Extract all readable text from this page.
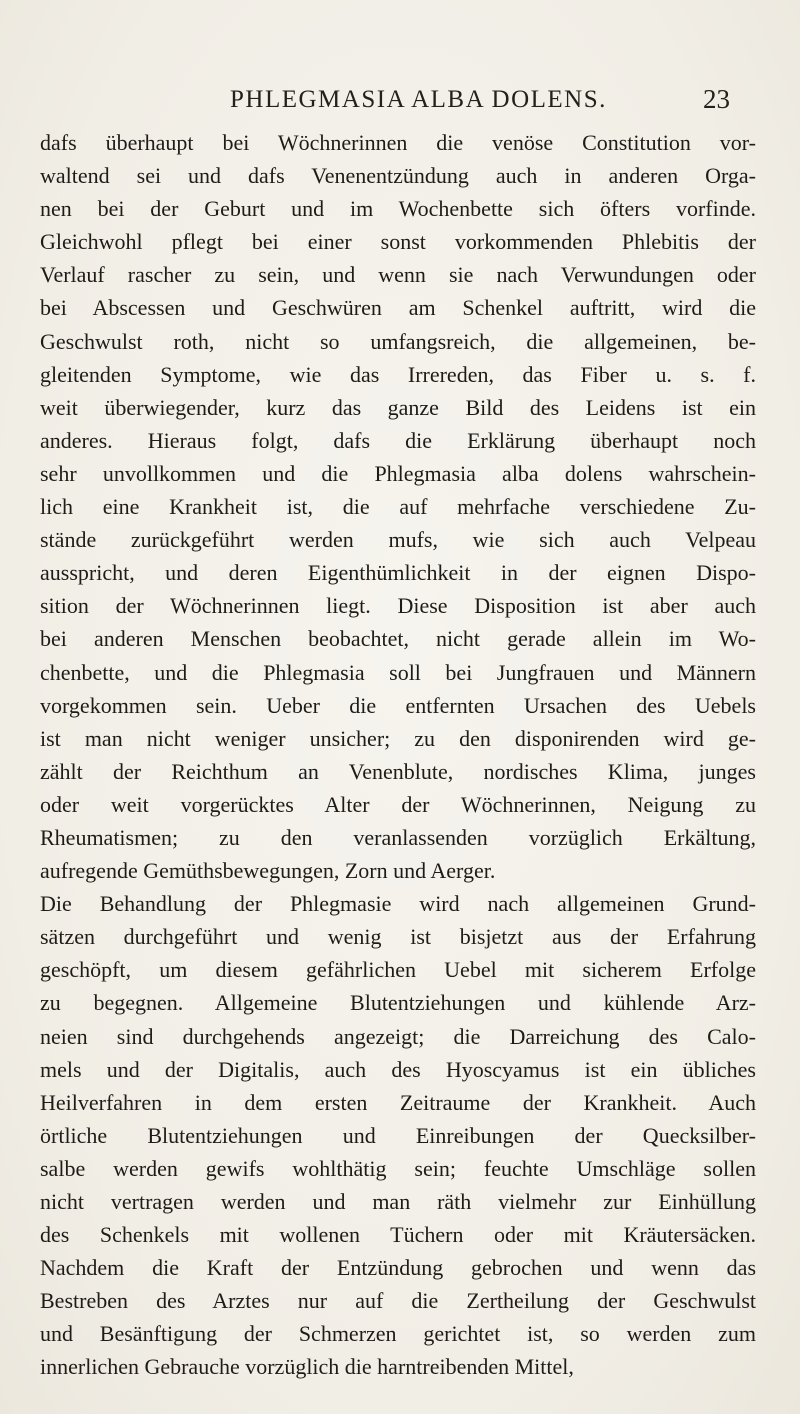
PHLEGMASIA ALBA DOLENS.	23
dafs überhaupt bei Wöchnerinnen die venöse Constitution vor-
waltend sei und dafs Venenentzündung auch in anderen Orga-
nen bei der Geburt und im Wochenbette sich öfters vorfinde.
Gleichwohl pflegt bei einer sonst vorkommenden Phlebitis der
Verlauf rascher zu sein, und wenn sie nach Verwundungen oder
bei Abscessen und Geschwüren am Schenkel auftritt, wird die
Geschwulst roth, nicht so umfangsreich, die allgemeinen, be-
gleitenden Symptome, wie das Irrereden, das Fiber u. s. f.
weit überwiegender, kurz das ganze Bild des Leidens ist ein
anderes. Hieraus folgt, dafs die Erklärung überhaupt noch
sehr unvollkommen und die Phlegmasia alba dolens wahrschein-
lich eine Krankheit ist, die auf mehrfache verschiedene Zu-
stände zurückgeführt werden mufs, wie sich auch Velpeau
ausspricht, und deren Eigenthümlichkeit in der eignen Dispo-
sition der Wöchnerinnen liegt. Diese Disposition ist aber auch
bei anderen Menschen beobachtet, nicht gerade allein im Wo-
chenbette, und die Phlegmasia soll bei Jungfrauen und Männern
vorgekommen sein. Ueber die entfernten Ursachen des Uebels
ist man nicht weniger unsicher; zu den disponirenden wird ge-
zählt der Reichthum an Venenblute, nordisches Klima, junges
oder weit vorgerücktes Alter der Wöchnerinnen, Neigung zu
Rheumatismen; zu den veranlassenden vorzüglich Erkältung,
aufregende Gemüthsbewegungen, Zorn und Aerger.
Die Behandlung der Phlegmasie wird nach allgemeinen Grund-
sätzen durchgeführt und wenig ist bisjetzt aus der Erfahrung
geschöpft, um diesem gefährlichen Uebel mit sicherem Erfolge
zu begegnen. Allgemeine Blutentziehungen und kühlende Arz-
neien sind durchgehends angezeigt; die Darreichung des Calo-
mels und der Digitalis, auch des Hyoscyamus ist ein übliches
Heilverfahren in dem ersten Zeitraume der Krankheit. Auch
örtliche Blutentziehungen und Einreibungen der Quecksilber-
salbe werden gewifs wohlthätig sein; feuchte Umschläge sollen
nicht vertragen werden und man räth vielmehr zur Einhüllung
des Schenkels mit wollenen Tüchern oder mit Kräutersäcken.
Nachdem die Kraft der Entzündung gebrochen und wenn das
Bestreben des Arztes nur auf die Zertheilung der Geschwulst
und Besänftigung der Schmerzen gerichtet ist, so werden zum
innerlichen Gebrauche vorzüglich die harntreibenden Mittel,
